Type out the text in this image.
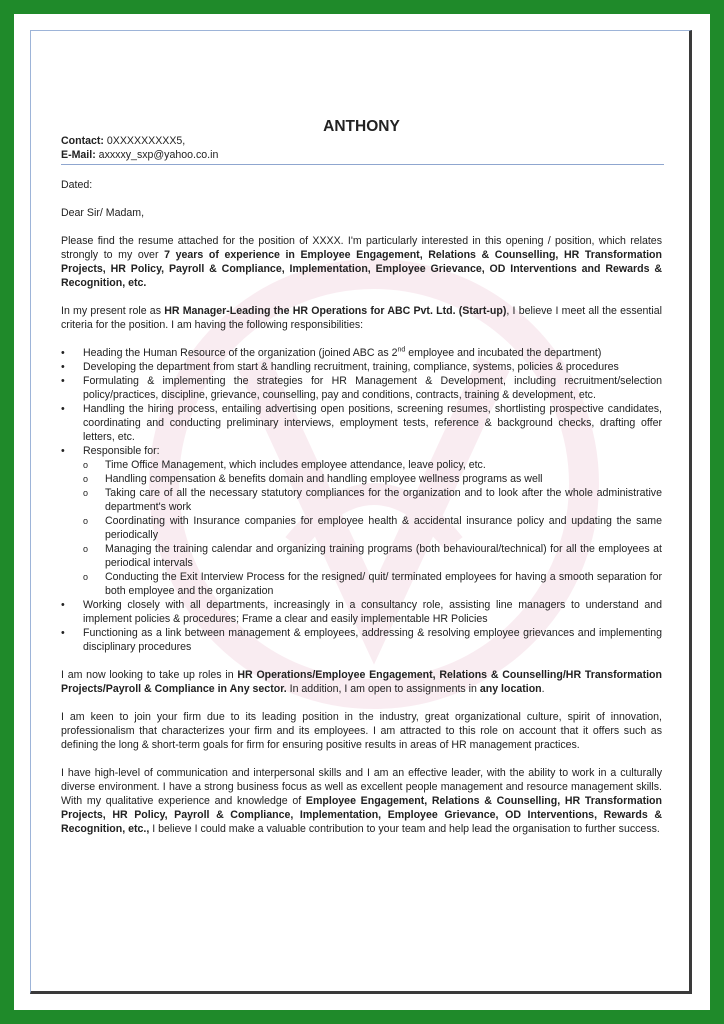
ANTHONY

Contact: 0XXXXXXXXX5,

E-Mail: axxxxy_sxp@yahoo.co.in

Dated:

Dear Sir/ Madam,

Please find the resume attached for the position of XXXX. I'm particularly interested in this opening / position, which relates strongly to my over 7 years of experience in Employee Engagement, Relations & Counselling, HR Transformation Projects, HR Policy, Payroll & Compliance, Implementation, Employee Grievance, OD Interventions and Rewards & Recognition, etc.

In my present role as HR Manager-Leading the HR Operations for ABC Pvt. Ltd. (Start-up), I believe I meet all the essential criteria for the position. I am having the following responsibilities:

•	Heading the Human Resource of the organization (joined ABC as 2nd employee and incubated the department)
•	Developing the department from start & handling recruitment, training, compliance, systems, policies & procedures
•	Formulating & implementing the strategies for HR Management & Development, including recruitment/selection policy/practices, discipline, grievance, counselling, pay and conditions, contracts, training & development, etc.
•	Handling the hiring process, entailing advertising open positions, screening resumes, shortlisting prospective candidates, coordinating and conducting preliminary interviews, employment tests, reference & background checks, drafting offer letters, etc.
•	Responsible for:
o Time Office Management, which includes employee attendance, leave policy, etc.
o Handling compensation & benefits domain and handling employee wellness programs as well
o Taking care of all the necessary statutory compliances for the organization and to look after the whole administrative department's work
o Coordinating with Insurance companies for employee health & accidental insurance policy and updating the same periodically
o Managing the training calendar and organizing training programs (both behavioural/technical) for all the employees at periodical intervals
o Conducting the Exit Interview Process for the resigned/ quit/ terminated employees for having a smooth separation for both employee and the organization
•	Working closely with all departments, increasingly in a consultancy role, assisting line managers to understand and implement policies & procedures; Frame a clear and easily implementable HR Policies
•	Functioning as a link between management & employees, addressing & resolving employee grievances and implementing disciplinary procedures

I am now looking to take up roles in HR Operations/Employee Engagement, Relations & Counselling/HR Transformation Projects/Payroll & Compliance in Any sector. In addition, I am open to assignments in any location.

I am keen to join your firm due to its leading position in the industry, great organizational culture, spirit of innovation, professionalism that characterizes your firm and its employees. I am attracted to this role on account that it offers such as defining the long & short-term goals for firm for ensuring positive results in areas of HR management practices.

I have high-level of communication and interpersonal skills and I am an effective leader, with the ability to work in a culturally diverse environment. I have a strong business focus as well as excellent people management and resource management skills. With my qualitative experience and knowledge of Employee Engagement, Relations & Counselling, HR Transformation Projects, HR Policy, Payroll & Compliance, Implementation, Employee Grievance, OD Interventions, Rewards & Recognition, etc., I believe I could make a valuable contribution to your team and help lead the organisation to further success.
